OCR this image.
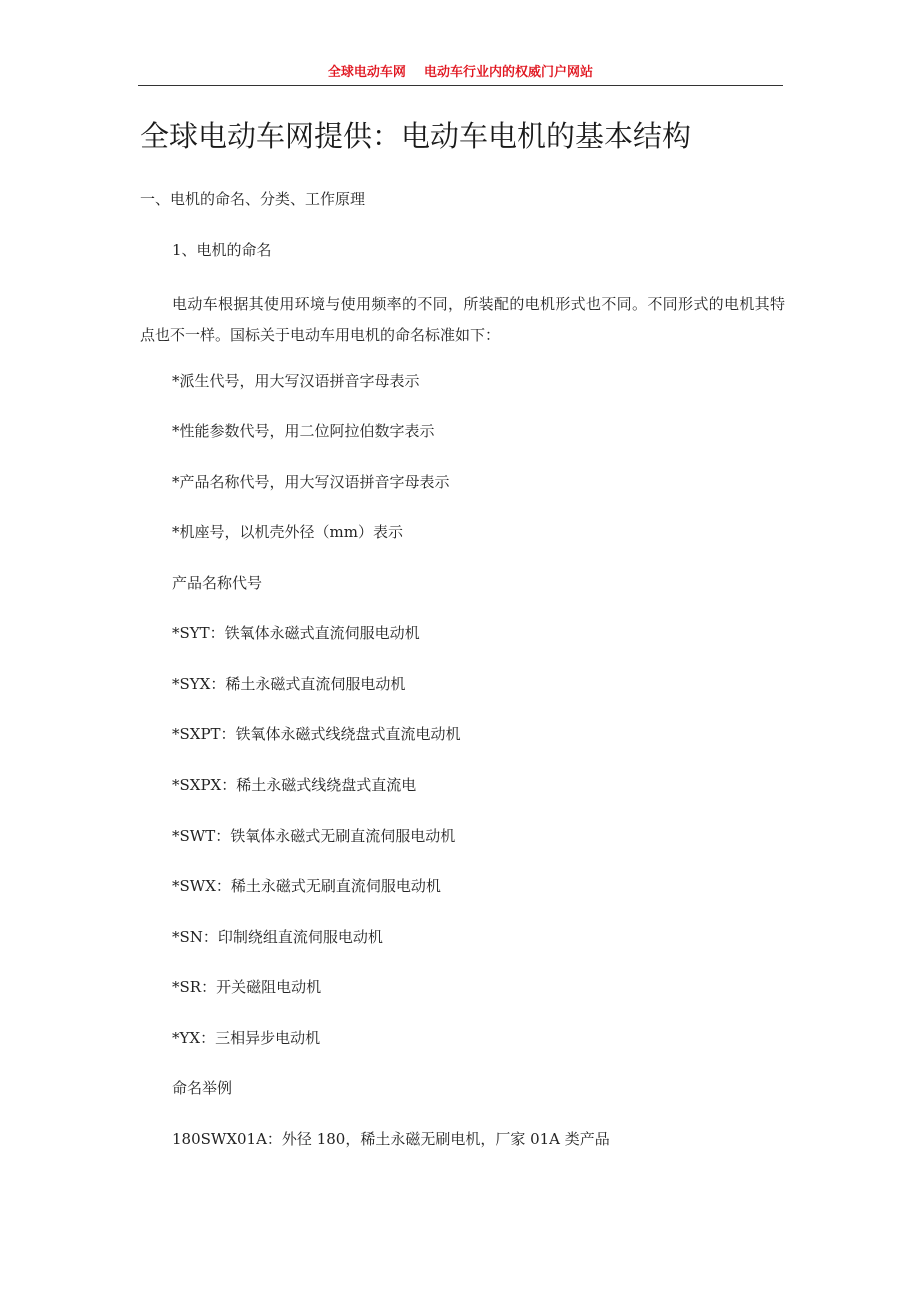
全球电动车网 电动车行业内的权威门户网站
全球电动车网提供：电动车电机的基本结构
一、电机的命名、分类、工作原理
1、电机的命名
电动车根据其使用环境与使用频率的不同，所装配的电机形式也不同。不同形式的电机其特点也不一样。国标关于电动车用电机的命名标准如下：
*派生代号，用大写汉语拼音字母表示
*性能参数代号，用二位阿拉伯数字表示
*产品名称代号，用大写汉语拼音字母表示
*机座号，以机壳外径（mm）表示
产品名称代号
*SYT：铁氧体永磁式直流伺服电动机
*SYX：稀土永磁式直流伺服电动机
*SXPT：铁氧体永磁式线绕盘式直流电动机
*SXPX：稀土永磁式线绕盘式直流电
*SWT：铁氧体永磁式无刷直流伺服电动机
*SWX：稀土永磁式无刷直流伺服电动机
*SN：印制绕组直流伺服电动机
*SR：开关磁阻电动机
*YX：三相异步电动机
命名举例
180SWX01A：外径 180，稀土永磁无刷电机，厂家 01A 类产品
